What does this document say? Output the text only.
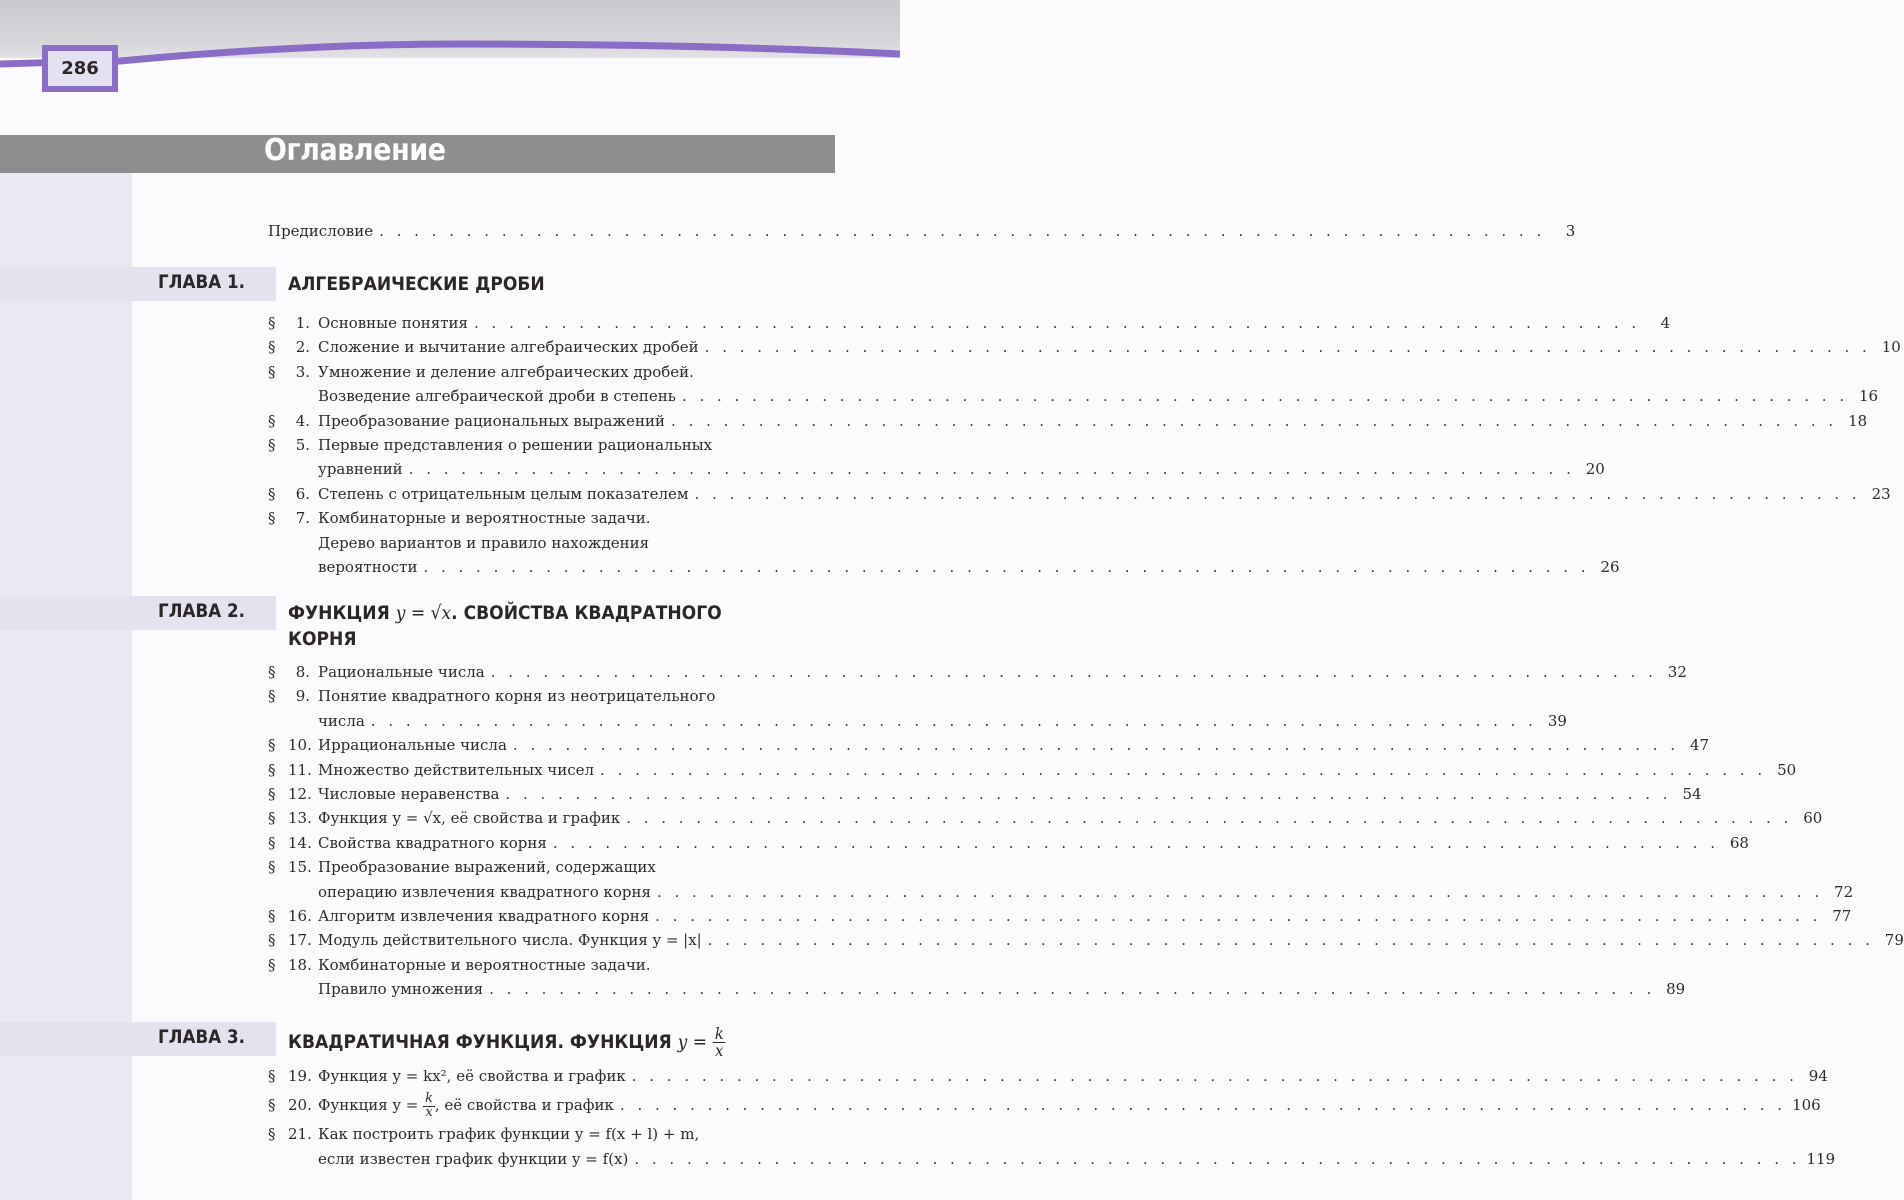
286
Оглавление
Предисловие . . .	3
ГЛАВА 1. АЛГЕБРАИЧЕСКИЕ ДРОБИ
§	1. Основные понятия . . .	4
§	2. Сложение и вычитание алгебраических дробей . . .	10
§	3. Умножение и деление алгебраических дробей.
Возведение алгебраической дроби в степень . . .	16
§	4. Преобразование рациональных выражений . . .	18
§	5. Первые представления о решении рациональных
уравнений . . .	20
§	6. Степень с отрицательным целым показателем . . .	23
§	7. Комбинаторные и вероятностные задачи.
Дерево вариантов и правило нахождения
вероятности . . .	26
ГЛАВА 2. ФУНКЦИЯ y = √x. СВОЙСТВА КВАДРАТНОГО
КОРНЯ
§	8. Рациональные числа . . .	32
§	9. Понятие квадратного корня из неотрицательного
числа . . .	39
§ 10. Иррациональные числа . . .	47
§ 11. Множество действительных чисел . . .	50
§ 12. Числовые неравенства . . .	54
§ 13. Функция y = √x, её свойства и график . . .	60
§ 14. Свойства квадратного корня . . .	68
§ 15. Преобразование выражений, содержащих
операцию извлечения квадратного корня . . .	72
§ 16. Алгоритм извлечения квадратного корня . . .	77
§ 17. Модуль действительного числа. Функция y = |x| . . .	79
§ 18. Комбинаторные и вероятностные задачи.
Правило умножения . . .	89
ГЛАВА 3. КВАДРАТИЧНАЯ ФУНКЦИЯ. ФУНКЦИЯ $y = \frac{k}{x}$
§ 19. Функция y = kx², её свойства и график . . .	94
§ 20. Функция $y = \frac{k}{x}$ , её свойства и график . . .	106
§ 21. Как построить график функции y = f(x + l) + m,
если известен график функции y = f(x) . . .	119
